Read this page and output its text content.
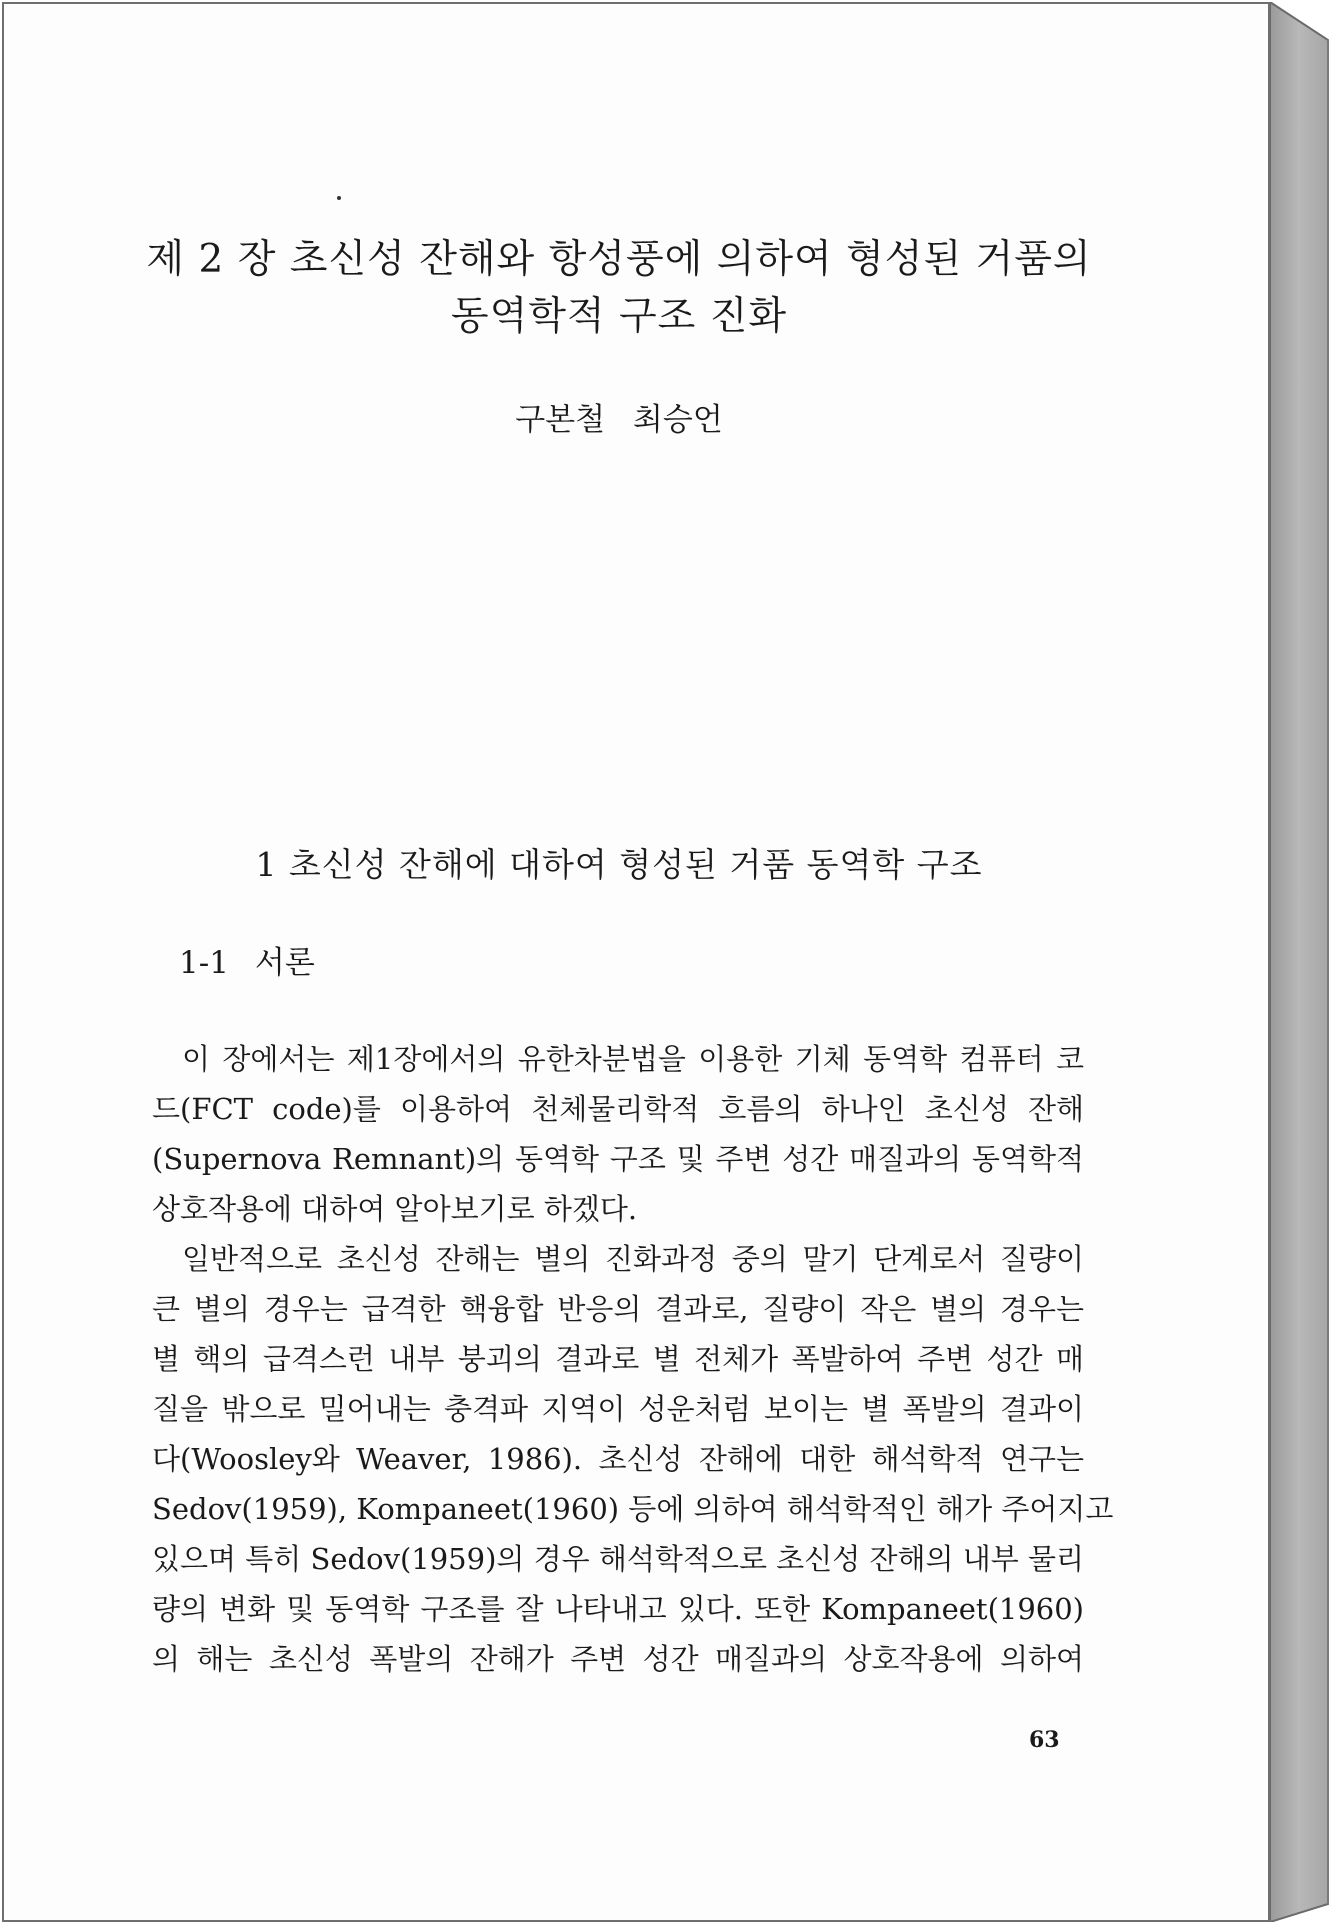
제 2 장 초신성 잔해와 항성풍에 의하여 형성된 거품의
동역학적 구조 진화
구본철 최승언
1 초신성 잔해에 대하여 형성된 거품 동역학 구조
1-1 서론
이 장에서는 제1장에서의 유한차분법을 이용한 기체 동역학 컴퓨터 코
드(FCT code)를 이용하여 천체물리학적 흐름의 하나인 초신성 잔해
(Supernova Remnant)의 동역학 구조 및 주변 성간 매질과의 동역학적
상호작용에 대하여 알아보기로 하겠다.
일반적으로 초신성 잔해는 별의 진화과정 중의 말기 단계로서 질량이
큰 별의 경우는 급격한 핵융합 반응의 결과로, 질량이 작은 별의 경우는
별 핵의 급격스런 내부 붕괴의 결과로 별 전체가 폭발하여 주변 성간 매
질을 밖으로 밀어내는 충격파 지역이 성운처럼 보이는 별 폭발의 결과이
다(Woosley와 Weaver, 1986). 초신성 잔해에 대한 해석학적 연구는
Sedov(1959), Kompaneet(1960) 등에 의하여 해석학적인 해가 주어지고
있으며 특히 Sedov(1959)의 경우 해석학적으로 초신성 잔해의 내부 물리
량의 변화 및 동역학 구조를 잘 나타내고 있다. 또한 Kompaneet(1960)
의 해는 초신성 폭발의 잔해가 주변 성간 매질과의 상호작용에 의하여
63
